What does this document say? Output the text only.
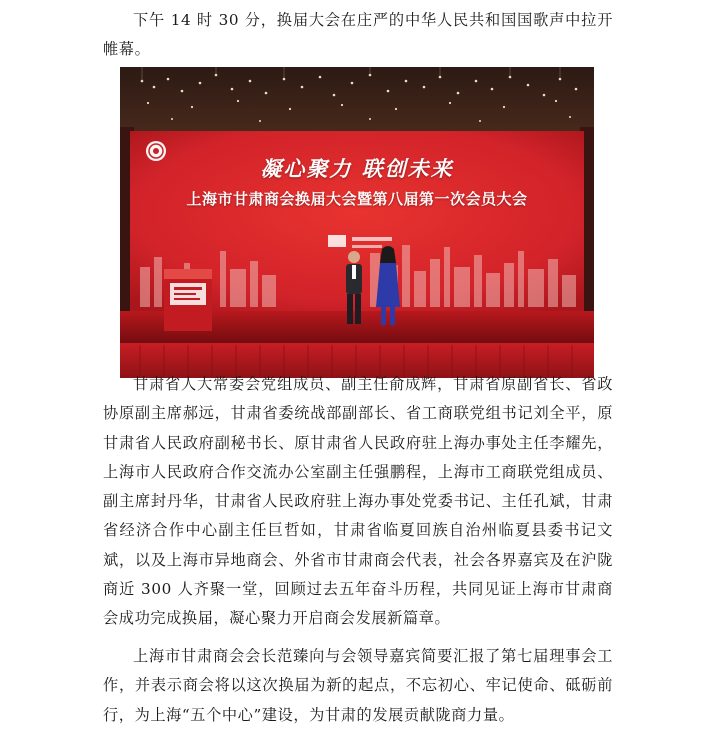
下午 14 时 30 分，换届大会在庄严的中华人民共和国国歌声中拉开帷幕。

凝心聚力 联创未来

上海市甘肃商会换届大会暨第八届第一次会员大会

甘肃省人大常委会党组成员、副主任俞成辉，甘肃省原副省长、省政协原副主席郝远，甘肃省委统战部副部长、省工商联党组书记刘全平，原甘肃省人民政府副秘书长、原甘肃省人民政府驻上海办事处主任李耀先，上海市人民政府合作交流办公室副主任强鹏程，上海市工商联党组成员、副主席封丹华，甘肃省人民政府驻上海办事处党委书记、主任孔斌，甘肃省经济合作中心副主任巨哲如，甘肃省临夏回族自治州临夏县委书记文斌，以及上海市异地商会、外省市甘肃商会代表，社会各界嘉宾及在沪陇商近 300 人齐聚一堂，回顾过去五年奋斗历程，共同见证上海市甘肃商会成功完成换届，凝心聚力开启商会发展新篇章。

上海市甘肃商会会长范臻向与会领导嘉宾简要汇报了第七届理事会工作，并表示商会将以这次换届为新的起点，不忘初心、牢记使命、砥砺前行，为上海“五个中心”建设，为甘肃的发展贡献陇商力量。
